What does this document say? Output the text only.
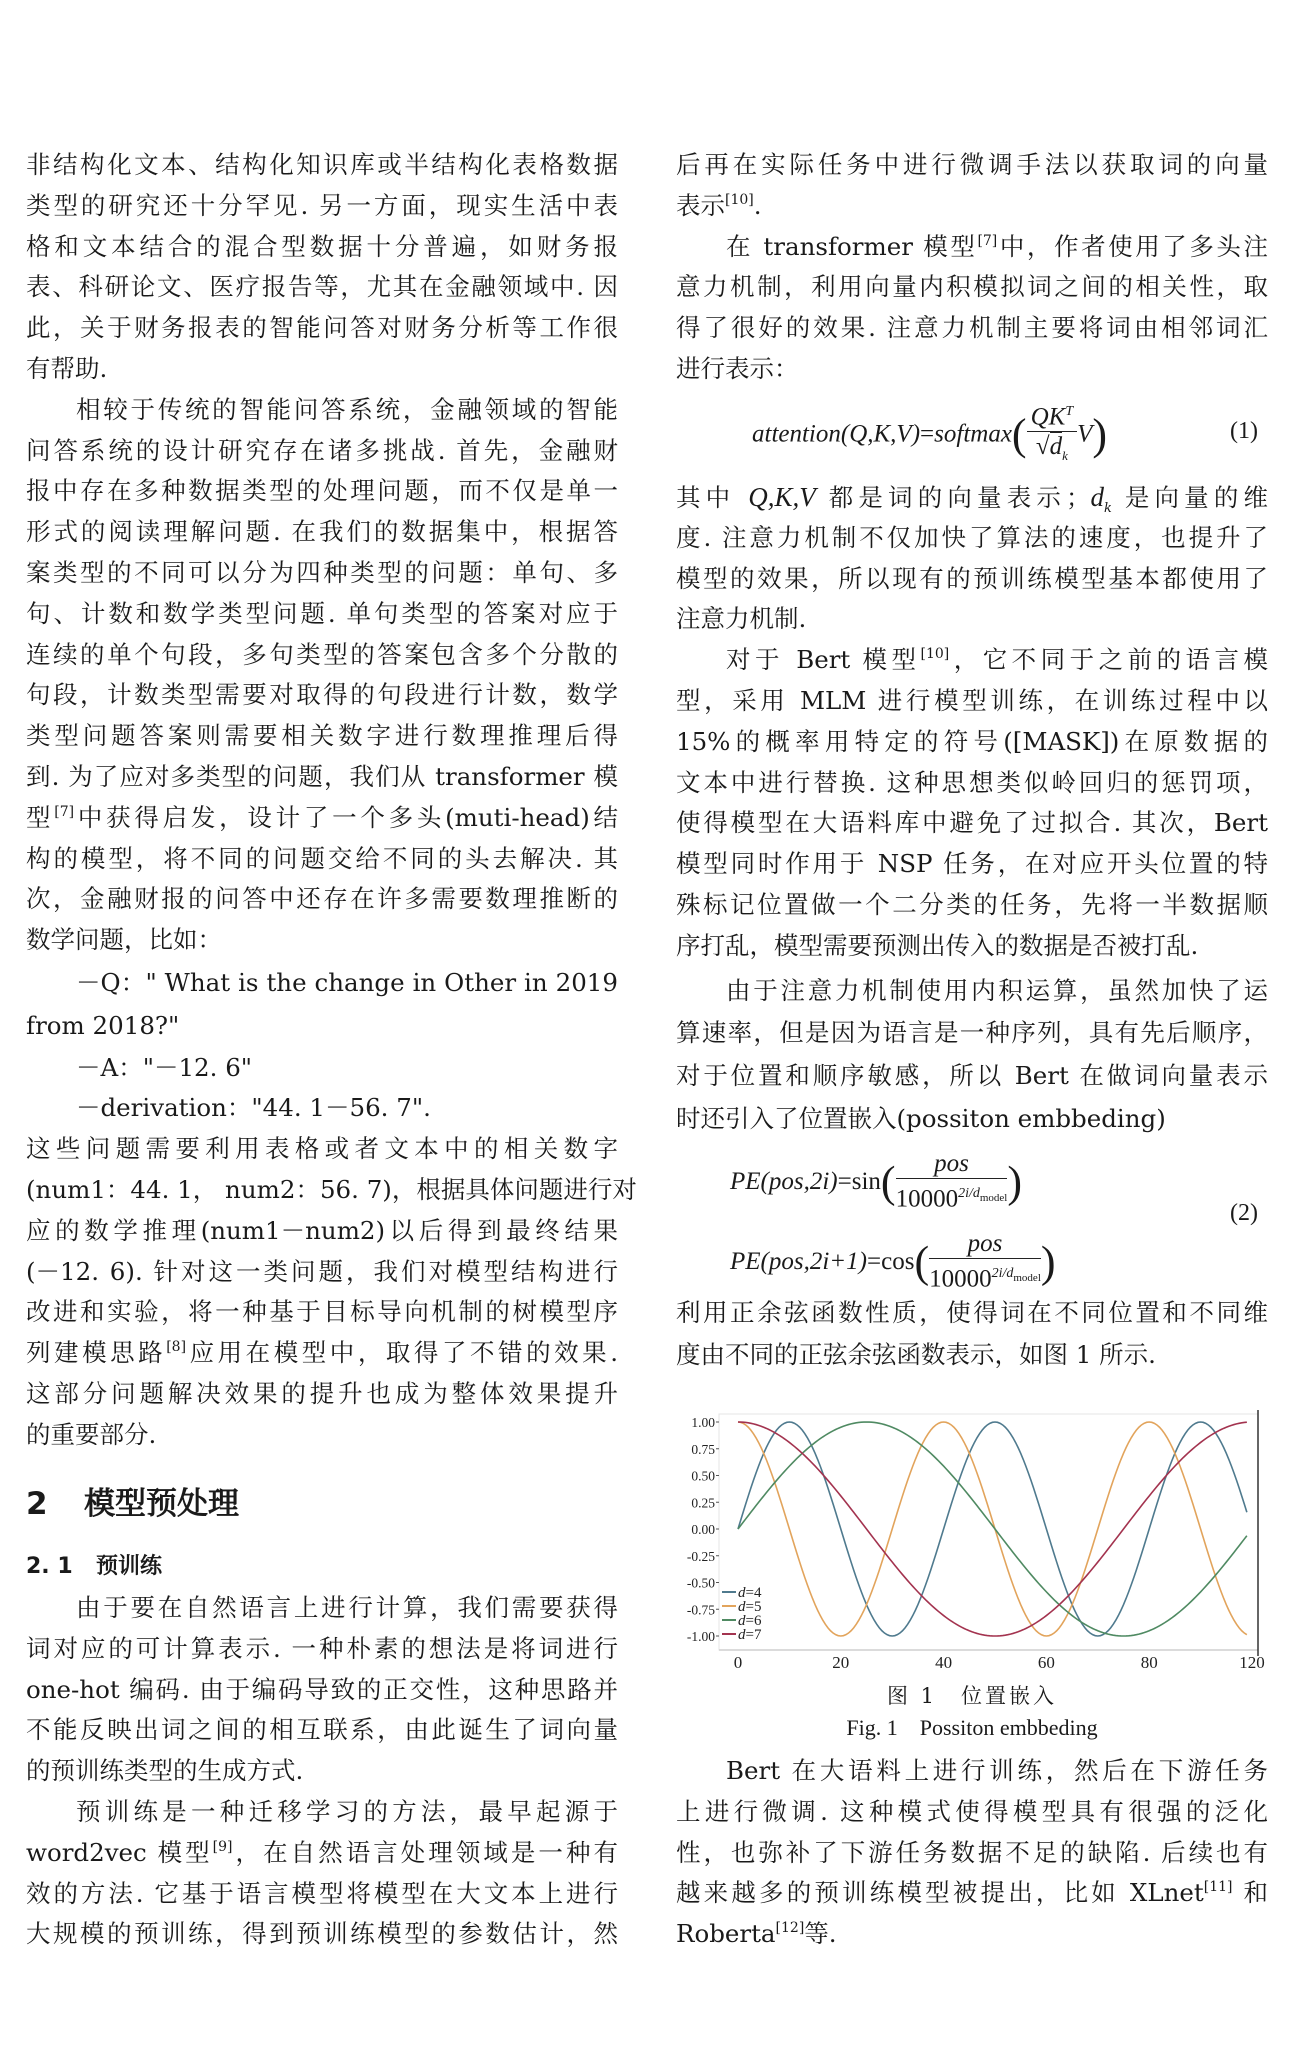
2 模型预处理
2. 1 预训练
attention(Q,K,V)=softmax( $\frac{QK^T}{√d_k} V$)	(1)
$PE(pos,2i)=\sin( \frac{\text{pos}}{10000^{2i/d_{model}}}$ )
$PE(pos,2i+1)=\cos( \frac{\text{pos}}{10000^{2i/d_{model}}}$ )
(2)
1.00
0.75
0.50
0.25
0.00
-0.25
-0.50
-0.75
-1.00
0	20	40	60	80	120
d=4
d=5
d=6
d=7
图 1　位置嵌入
Fig. 1　Possiton embbeding
非结构化文本、结构化知识库或半结构化表格数据
类型的研究还十分罕见. 另一方面，现实生活中表
格和文本结合的混合型数据十分普遍，如财务报
表、科研论文、医疗报告等，尤其在金融领域中. 因
此，关于财务报表的智能问答对财务分析等工作很
有帮助.
相较于传统的智能问答系统，金融领域的智能
问答系统的设计研究存在诸多挑战. 首先，金融财
报中存在多种数据类型的处理问题，而不仅是单一
形式的阅读理解问题. 在我们的数据集中，根据答
案类型的不同可以分为四种类型的问题：单句、多
句、计数和数学类型问题. 单句类型的答案对应于
连续的单个句段，多句类型的答案包含多个分散的
句段，计数类型需要对取得的句段进行计数，数学
类型问题答案则需要相关数字进行数理推理后得
到. 为了应对多类型的问题，我们从 transformer 模
型[7]中获得启发，设计了一个多头(muti-head)结
构的模型，将不同的问题交给不同的头去解决. 其
次，金融财报的问答中还存在许多需要数理推断的
数学问题，比如：
－Q：" What is the change in Other in 2019
from 2018?"
－A："－12. 6"
－derivation："44. 1－56. 7".
这些问题需要利用表格或者文本中的相关数字
(num1：44. 1， num2：56. 7)，根据具体问题进行对
应的数学推理(num1－num2)以后得到最终结果
(－12. 6). 针对这一类问题，我们对模型结构进行
改进和实验，将一种基于目标导向机制的树模型序
列建模思路[8]应用在模型中，取得了不错的效果.
这部分问题解决效果的提升也成为整体效果提升
的重要部分.
由于要在自然语言上进行计算，我们需要获得
词对应的可计算表示. 一种朴素的想法是将词进行
one-hot 编码. 由于编码导致的正交性，这种思路并
不能反映出词之间的相互联系，由此诞生了词向量
的预训练类型的生成方式.
预训练是一种迁移学习的方法，最早起源于
word2vec 模型[9]，在自然语言处理领域是一种有
效的方法. 它基于语言模型将模型在大文本上进行
大规模的预训练，得到预训练模型的参数估计，然
后再在实际任务中进行微调手法以获取词的向量
表示[10].
在 transformer 模型[7]中，作者使用了多头注
意力机制，利用向量内积模拟词之间的相关性，取
得了很好的效果. 注意力机制主要将词由相邻词汇
进行表示：
其中 Q,K,V 都是词的向量表示；$d_k$ 是向量的维
度. 注意力机制不仅加快了算法的速度，也提升了
模型的效果，所以现有的预训练模型基本都使用了
注意力机制.
对于 Bert 模型[10]，它不同于之前的语言模
型，采用 MLM 进行模型训练，在训练过程中以
15%的概率用特定的符号([MASK])在原数据的
文本中进行替换. 这种思想类似岭回归的惩罚项，
使得模型在大语料库中避免了过拟合. 其次，Bert
模型同时作用于 NSP 任务，在对应开头位置的特
殊标记位置做一个二分类的任务，先将一半数据顺
序打乱，模型需要预测出传入的数据是否被打乱.
由于注意力机制使用内积运算，虽然加快了运
算速率，但是因为语言是一种序列，具有先后顺序，
对于位置和顺序敏感，所以 Bert 在做词向量表示
时还引入了位置嵌入(possiton embbeding)
利用正余弦函数性质，使得词在不同位置和不同维
度由不同的正弦余弦函数表示，如图 1 所示.
Bert 在大语料上进行训练，然后在下游任务
上进行微调. 这种模式使得模型具有很强的泛化
性，也弥补了下游任务数据不足的缺陷. 后续也有
越来越多的预训练模型被提出，比如 XLnet[11] 和
Roberta[12]等.
